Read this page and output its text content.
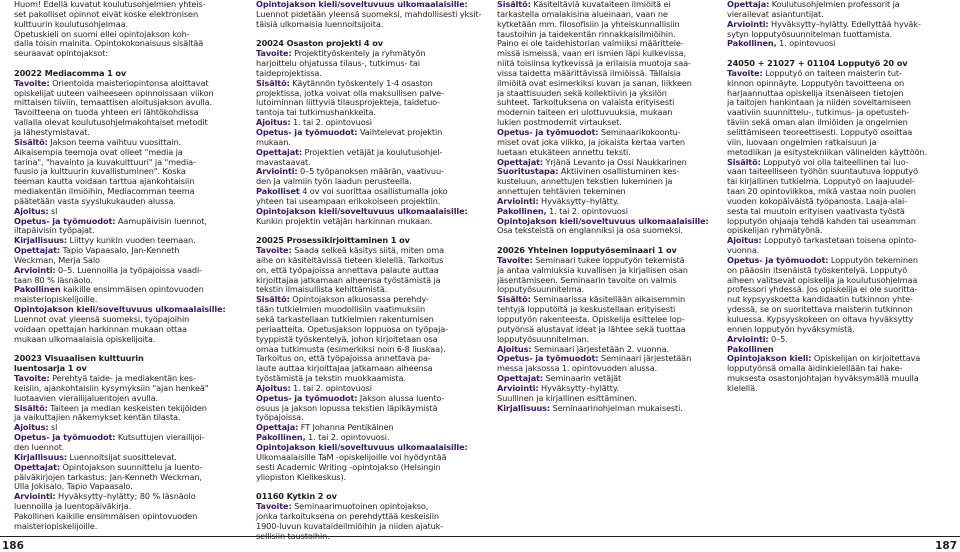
Huom! Edellä kuvatut koulutusohjelmien yhteis-
set pakolliset opinnot eivät koske elektronisen
kulttuurin koulutusohjelmaa.
Opetuskieli on suomi ellei opintojakson koh-
dalla toisin mainita. Opintokokonaisuus sisältää
seuraavat opintojaksot:
20022 Mediacomma 1 ov
Tavoite: Orientoida maisteriopintonsa aloittavat
opiskelijat uuteen vaiheeseen opinnoissaan viikon
mittaisen tiiviin, temaattisen aloitusjakson avulla.
Tavoitteena on tuoda yhteen eri lähtökohdissa
vallalla olevat koulutusohjelmakohtaiset metodit
ja lähestymistavat.
Sisältö: Jakson teema vaihtuu vuosittain.
Aikaisempia teemoja ovat olleet "media ja
tarina", "havainto ja kuvakulttuuri" ja "media-
fuusio ja kulttuurin kuvallistuminen". Koska
teeman kautta voidaan tarttua ajankohtaisiin
mediakentän ilmiöihin, Mediacomman teema
päätetään vasta syyslukukauden alussa.
Ajoitus: sl
Opetus- ja työmuodot: Aamupäivisin luennot,
iltapäivisin työpajat.
Kirjallisuus: Liittyy kunkin vuoden teemaan.
Opettajat: Tapio Vapaasalo, Jan-Kenneth
Weckman, Merja Salo
Arviointi: 0–5. Luennoilla ja työpajoissa vaadi-
taan 80 % läsnäolo.
Pakollinen kaikille ensimmäisen opintovuoden
maisteriopiskelijoille.
Opintojakson kieli/soveltuvuus ulkomaalaisille:
Luennot ovat yleensä suomeksi, työpajoihin
voidaan opettajan harkinnan mukaan ottaa
mukaan ulkomaalaisia opiskelijoita.
20023 Visuaalisen kulttuurin
luentosarja 1 ov
Tavoite: Perehtyä taide- ja mediakentän kes-
keisiin, ajankohtaisiin kysymyksiin "ajan henkeä"
luotaavien vierailijaluentojen avulla.
Sisältö: Taiteen ja median keskeisten tekijöiden
ja vaikuttajien näkemykset kentän tilasta.
Ajoitus: sl
Opetus- ja työmuodot: Kutsuttujen vierailijoi-
den luennot.
Kirjallisuus: Luennoitsijat suosittelevat.
Opettajat: Opintojakson suunnittelu ja luento-
päiväkirjojen tarkastus: Jan-Kenneth Weckman,
Ulla Jokisalo, Tapio Vapaasalo.
Arviointi: Hyväksytty–hylätty; 80 % läsnäolo
luennoilla ja luentopäiväkirja.
Pakollinen kaikille ensimmäisen opintovuoden
maisteriopiskelijoille.
Opintojakson kieli/soveltuvuus ulkomaalaisille:
Luennot pidetään yleensä suomeksi, mahdollisesti yksit-
täisiä ulkomaisia luennoitsijoita.
20024 Osaston projekti 4 ov
Tavoite: Projektityöskentely ja ryhmätyön
harjoittelu ohjatussa tilaus-, tutkimus- tai
taideprojektissa.
Sisältö: Käytännön työskentely 1-4 osaston
projektissa, jotka voivat olla maksullisen palve-
lutoiminnan liittyviä tilausprojekteja, taidetuo-
tantoja tai tutkimushankkeita.
Ajoitus: 1. tai 2. opintovuosi
Opetus- ja työmuodot: Vaihtelevat projektin
mukaan.
Opettajat: Projektien vetäjät ja koulutusohjel-
mavastaavat.
Arviointi: 0–5 työpanoksen määrän, vaativuu-
den ja valmiin työn laadun perusteella.
Pakolliset 4 ov voi suorittaa osallistumalla joko
yhteen tai useampaan erikokoiseen projektiin.
Opintojakson kieli/soveltuvuus ulkomaalaisille:
Kunkin projektin vetäjän harkinnan mukaan.
20025 Prosessikirjoittaminen 1 ov
Tavoite: Saada selkeä käsitys siitä, miten oma
aihe on käsiteltävissä tieteen kielellä. Tarkoitus
on, että työpajoissa annettava palaute auttaa
kirjoittajaa jatkamaan aiheensa työstämistä ja
tekstin ilmaisullista kehittämistä.
Sisältö: Opintojakson alkuosassa perehdy-
tään tutkielmien muodollisiin vaatimuksiin
sekä tarkastellaan tutkielmien rakentumisen
periaatteita. Opetusjakson loppuosa on työpaja-
tyyppistä työskentelyä, johon kirjoitetaan osa
omaa tutkimusta (esimerkiksi noin 6-8 liuskaa).
Tarkoitus on, että työpajoissa annettava pa-
laute auttaa kirjoittajaa jatkamaan aiheensa
työstämistä ja tekstin muokkaamista.
Ajoitus: 1. tai 2. opintovuosi
Opetus- ja työmuodot: Jakson alussa luento-
osuus ja jakson lopussa tekstien läpikäymistä
työpajoissa.
Opettaja: FT Johanna Pentikäinen
Pakollinen, 1. tai 2. opintovuosi.
Opintojakson kieli/soveltuvuus ulkomaalaisille:
Ulkomaalaisille TaM -opiskelijoille voi hyödyntää
sesti Academic Writing -opintojakso (Helsingin
yliopiston Kielikeskus).
01160 Kytkin 2 ov
Tavoite: Seminaarimuotoinen opintojakso,
jonka tarkoituksena on perehdyttää keskeisiin
1900-luvun kuvataideilmiöihin ja niiden ajatuk-

Sisältö: Käsiteltäviä kuvataiteen ilmiöitä ei
tarkastella omalakisina alueinaan, vaan ne
kytketään mm. filosofisiin ja yhteiskunnallisiin
taustoihin ja taidekentän rinnakkaisilmiöihin.
Paino ei ole taidehistorian valmiiksi määrittele-
missä ismeissä, vaan eri ismien läpi kulkevissa,
niitä toisiinsa kytkevissä ja erilaisia muotoja saa-
vissa taidetta määrittävissä ilmiöissä. Tällaisia
ilmiöitä ovat esimerkiksi kuvan ja sanan, liikkeen
ja staattisuuden sekä kollektiivin ja yksilön
suhteet. Tarkoituksena on valaista erityisesti
modernin taiteen eri ulottuvuuksia, mukaan
lukien postmodernit virtaukset.
Opetus- ja työmuodot: Seminaarikokoontu-
miset ovat joka viikko, ja jokaista kertaa varten
luetaan etukäteen annettu teksti.
Opettajat: Yrjänä Levanto ja Ossi Naukkarinen
Suoritustapa: Aktiivinen osallistuminen kes-
kusteluun, annettujen tekstien lukeminen ja
annettujen tehtävien tekeminen
Arviointi: Hyväksytty–hylätty.
Pakollinen, 1. tai 2. opintovuosi
Opintojakson kieli/soveltuvuus ulkomaalaisille:
Osa teksteistä on englanniksi ja osa suomeksi.
20026 Yhteinen lopputyöseminaari 1 ov
Tavoite: Seminaari tukee lopputyön tekemistä
ja antaa valmiuksia kuvallisen ja kirjallisen osan
jäsentämiseen. Seminaarin tavoite on valmis
lopputyösuunnitelma.
Sisältö: Seminaarissa käsitellään aikaisemmin
tehtyjä lopputöitä ja keskustellaan erityisesti
lopputyön rakenteesta. Opiskelija esittelee lop-
putyönsä alustavat ideat ja lähtee sekä tuottaa
lopputyösuunnitelman.
Ajoitus: Seminaari järjestetään 2. vuonna.
Opetus- ja työmuodot: Seminaari järjestetään
messa jaksossa 1. opintovuoden alussa.
Opettajat: Seminaarin vetäjät
Arviointi: Hyväksytty–hylätty.
Suullinen ja kirjallinen esittäminen.
Kirjallisuus: Seminaarinohjelman mukaisesti.
Opettaja: Koulutusohjelmien professorit ja
vierailevat asiantuntijat.
Arviointi: Hyväksytty–hylätty. Edellyttää hyväk-
sytyn lopputyösuunnitelman tuottamista.
Pakollinen, 1. opintovuosi
24050 + 21027 + 01104 Lopputyö 20 ov
Tavoite: Lopputyö on taiteen maisterin tut-
kinnon opinnäyte. Lopputyön tavoitteena on
harjaannuttaa opiskelija itsenäiseen tietojen
ja taitojen hankintaan ja niiden soveltamiseen
vaativiin suunnittelu-, tutkimus- ja opetusteh-
täviin sekä oman alan ilmiöiden ja ongelmien
selittämiseen teoreettisesti. Lopputyö osoittaa
viin, luovaan ongelmien ratkaisuun ja
metodiikan ja esitystekniikan välineiden käyttöön.
Sisältö: Lopputyö voi olla taiteellinen tai luo-
vaan taiteelliseen työhön suuntautuva lopputyö
tai kirjallinen tutkielma. Lopputyö on laajuudel-
taan 20 opintoviikkoa, mikä vastaa noin puolen
vuoden kokopäiväistä työpanosta. Laaja-alai-
sesta tai muutoin erityisen vaativasta työstä
lopputyön ohjaaja tehdä kahden tai useamman
opiskelijan ryhmätyönä.
Ajoitus: Lopputyö tarkastetaan toisena opinto-
vuonna.
Opetus- ja työmuodot: Lopputyön tekeminen
on pääosin itsenäistä työskentelyä. Lopputyö
aiheen valitsevat opiskelija ja koulutusohjelmaa
professori yhdessä. Jos opiskelija ei ole suoritta-
nut kypsyyskoetta kandidaatin tutkinnon yhte-
ydessä, se on suoritettava maisterin tutkinnon
kuluessa. Kypsyyskokeen on oltava hyväksytty
ennen lopputyön hyväksymistä.
Arviointi: 0–5.
Pakollinen
Opintojakson kieli: Opiskelijan on kirjoitettava
lopputyönsä omalla äidinkielellään tai hake-
muksesta osastonjohtajan hyväksymällä muulla
kielellä.
186	187
